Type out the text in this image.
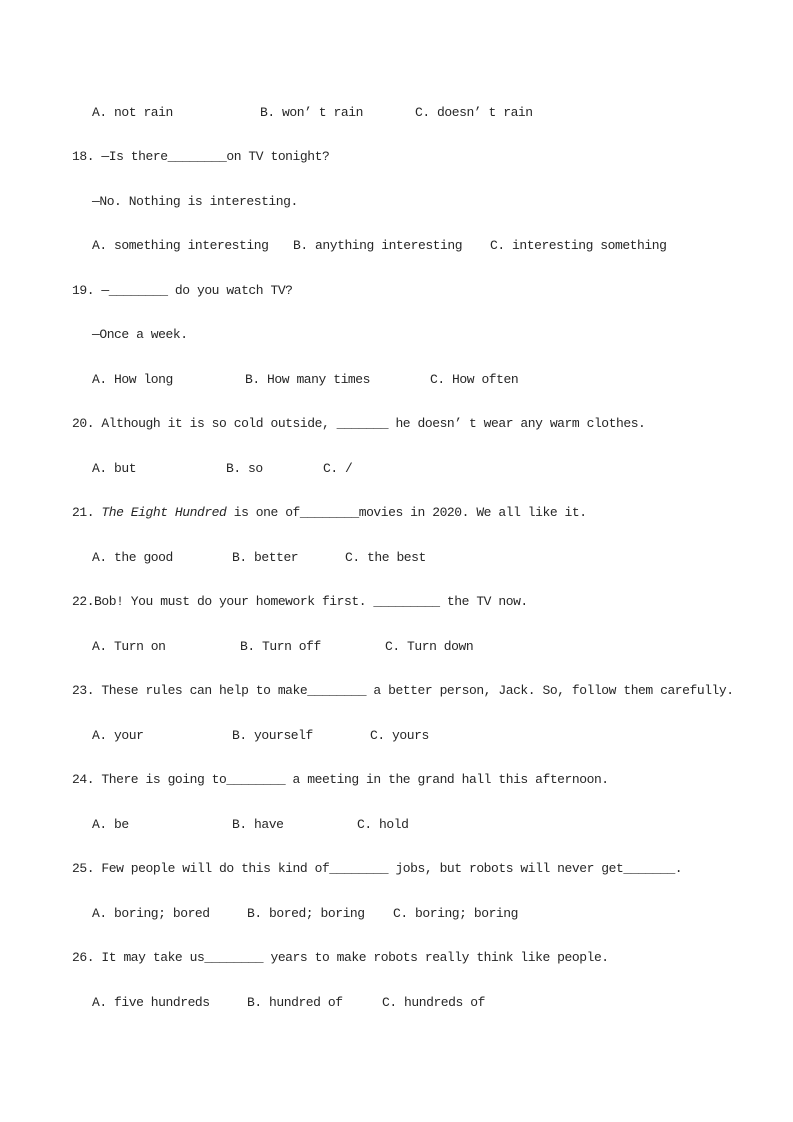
A. not rain	B. won’ t rain	C. doesn’ t rain
18. —Is there________on TV tonight?
—No. Nothing is interesting.
A. something interesting	B. anything interesting	C. interesting something
19. —________ do you watch TV?
—Once a week.
A. How long	B. How many times	C. How often
20. Although it is so cold outside, _______ he doesn’ t wear any warm clothes.
A. but	B. so	C. /
21. The Eight Hundred is one of________movies in 2020. We all like it.
A. the good	B. better	C. the best
22.Bob! You must do your homework first. _________ the TV now.
A. Turn on	B. Turn off	C. Turn down
23. These rules can help to make________ a better person, Jack. So, follow them carefully.
A. your	B. yourself	C. yours
24. There is going to________ a meeting in the grand hall this afternoon.
A. be	B. have	C. hold
25. Few people will do this kind of________ jobs, but robots will never get_______.
A. boring; bored	B. bored; boring	C. boring; boring
26. It may take us________ years to make robots really think like people.
A. five hundreds	B. hundred of	C. hundreds of
